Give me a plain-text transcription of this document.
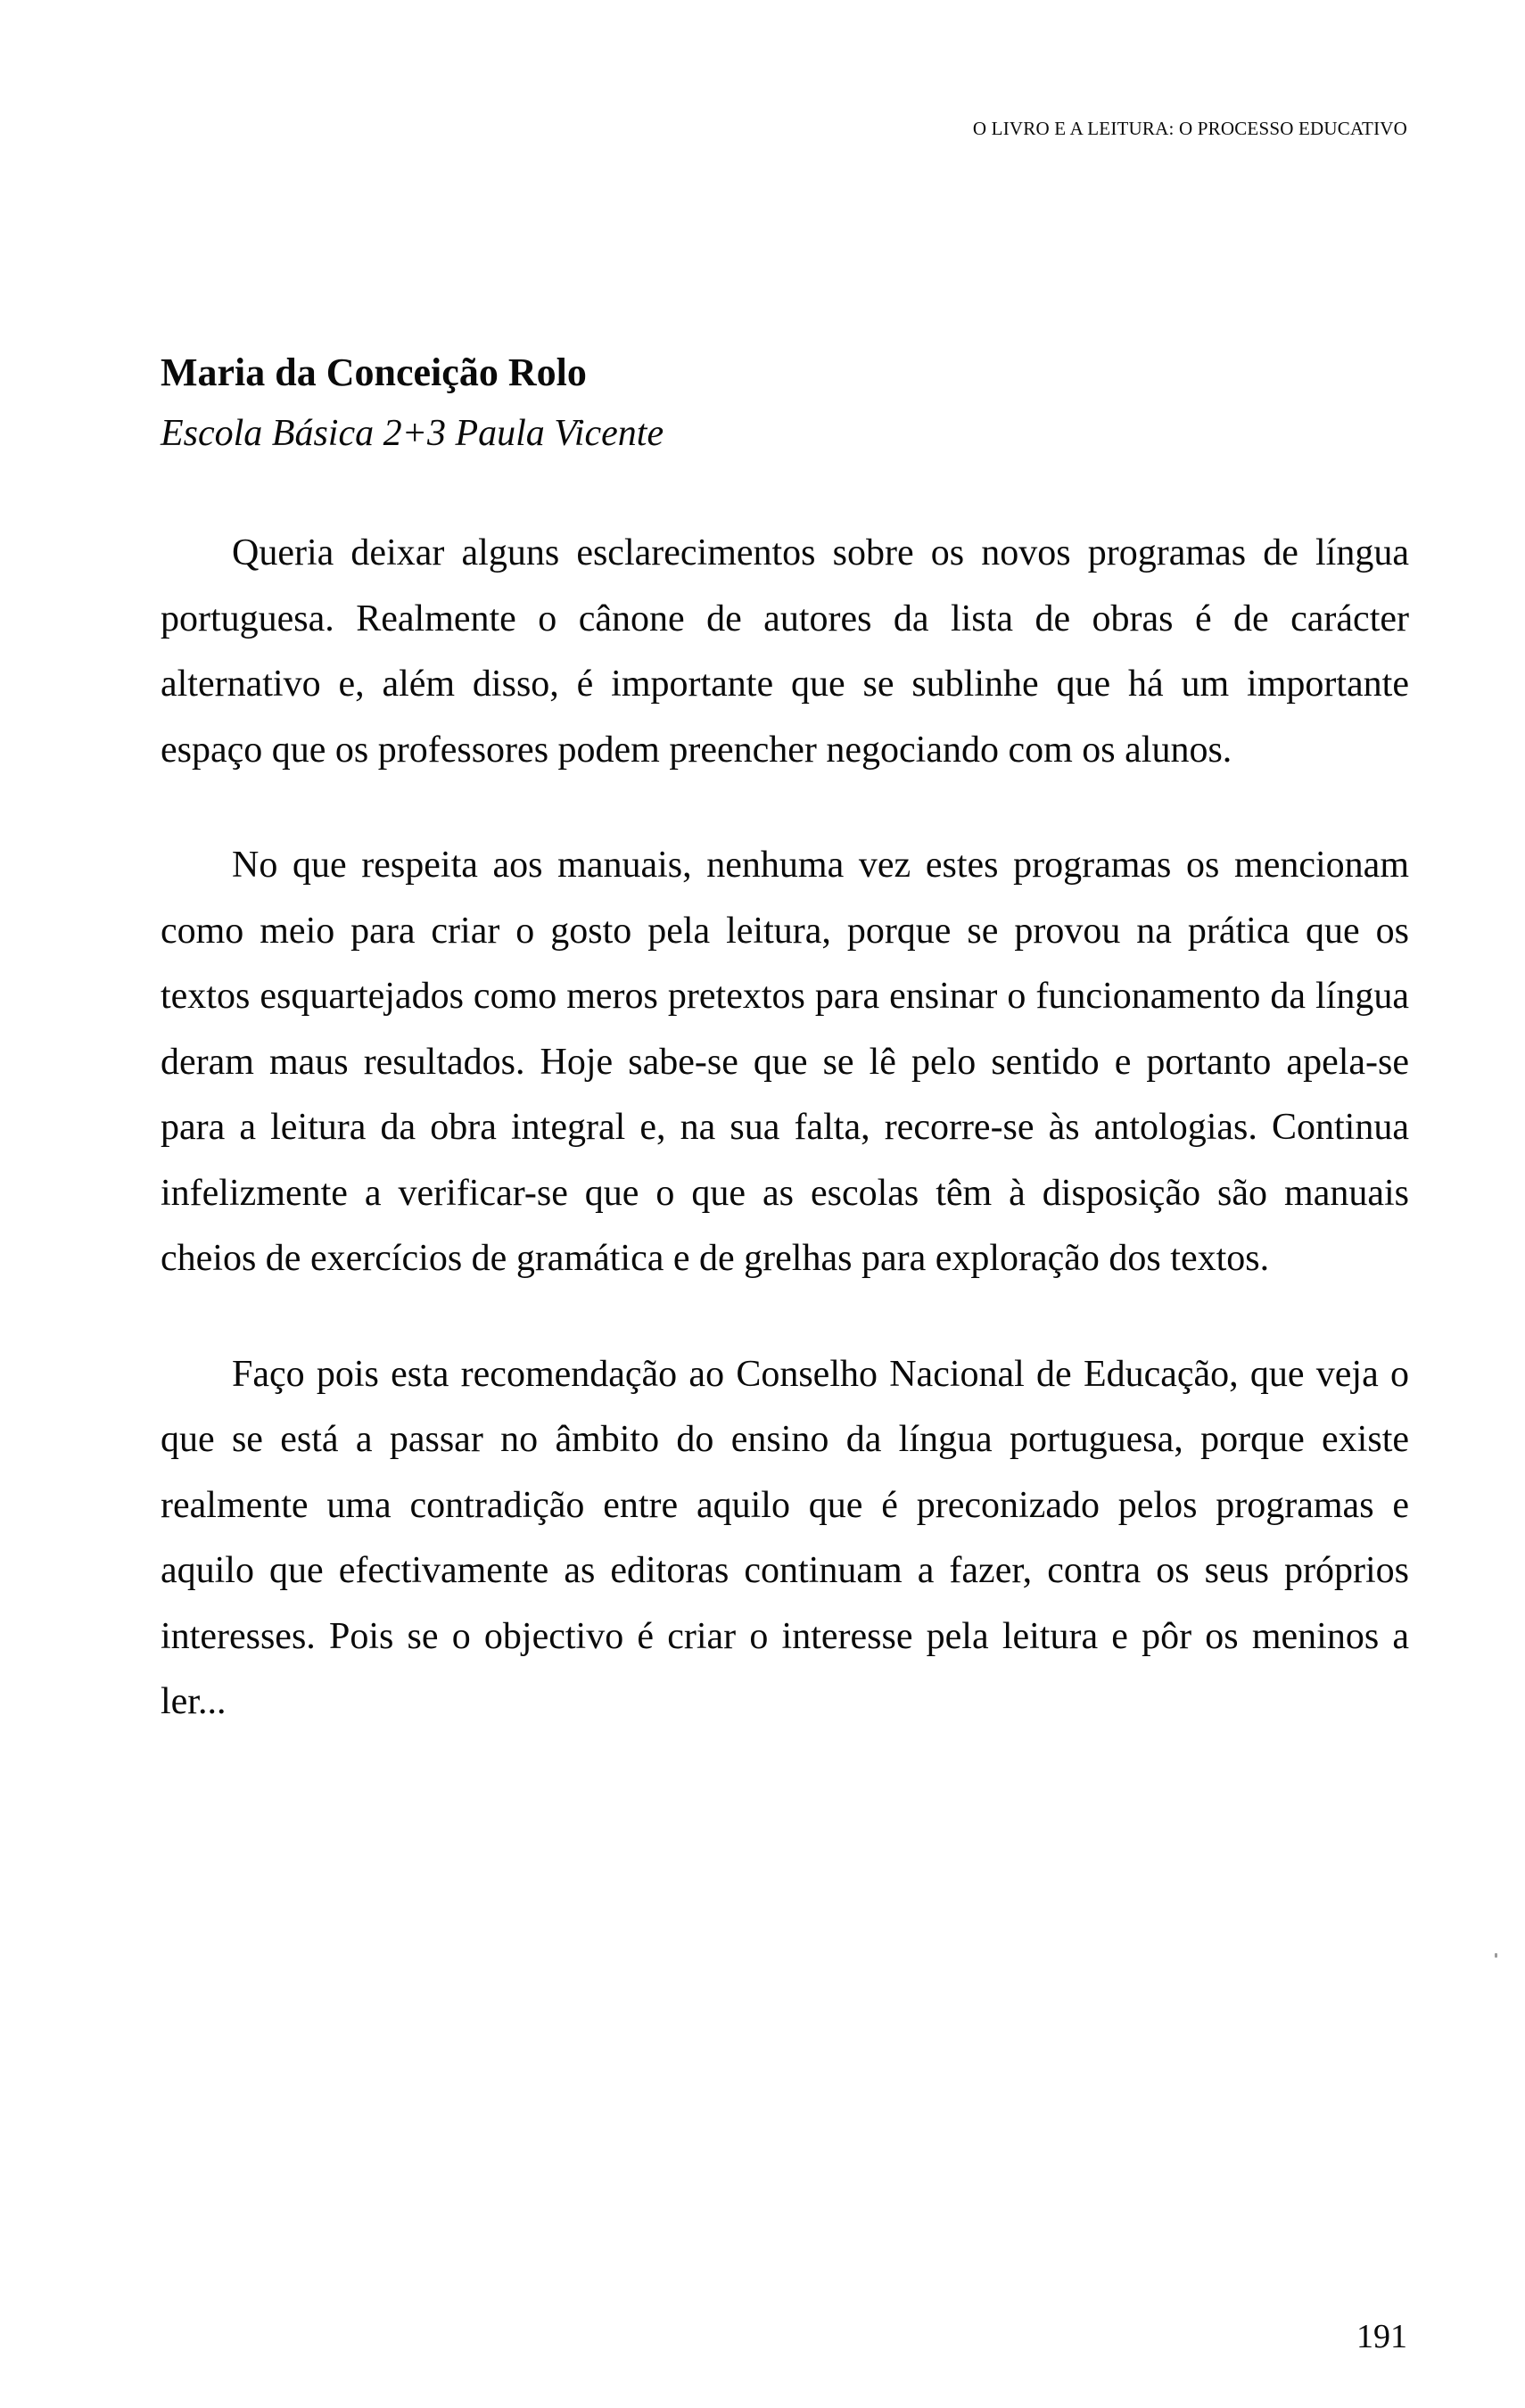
O LIVRO E A LEITURA: O PROCESSO EDUCATIVO
Maria da Conceição Rolo

Escola Básica 2+3 Paula Vicente

Queria deixar alguns esclarecimentos sobre os novos programas de língua portuguesa. Realmente o cânone de autores da lista de obras é de carácter alternativo e, além disso, é importante que se sublinhe que há um importante espaço que os professores podem preencher negociando com os alunos.

No que respeita aos manuais, nenhuma vez estes programas os mencionam como meio para criar o gosto pela leitura, porque se provou na prática que os textos esquartejados como meros pretextos para ensinar o funcionamento da língua deram maus resultados. Hoje sabe-se que se lê pelo sentido e portanto apela-se para a leitura da obra integral e, na sua falta, recorre-se às antologias. Continua infelizmente a verificar-se que o que as escolas têm à disposição são manuais cheios de exercícios de gramática e de grelhas para exploração dos textos.

Faço pois esta recomendação ao Conselho Nacional de Educação, que veja o que se está a passar no âmbito do ensino da língua portuguesa, porque existe realmente uma contradição entre aquilo que é preconizado pelos programas e aquilo que efectivamente as editoras continuam a fazer, contra os seus próprios interesses. Pois se o objectivo é criar o interesse pela leitura e pôr os meninos a ler...

191
